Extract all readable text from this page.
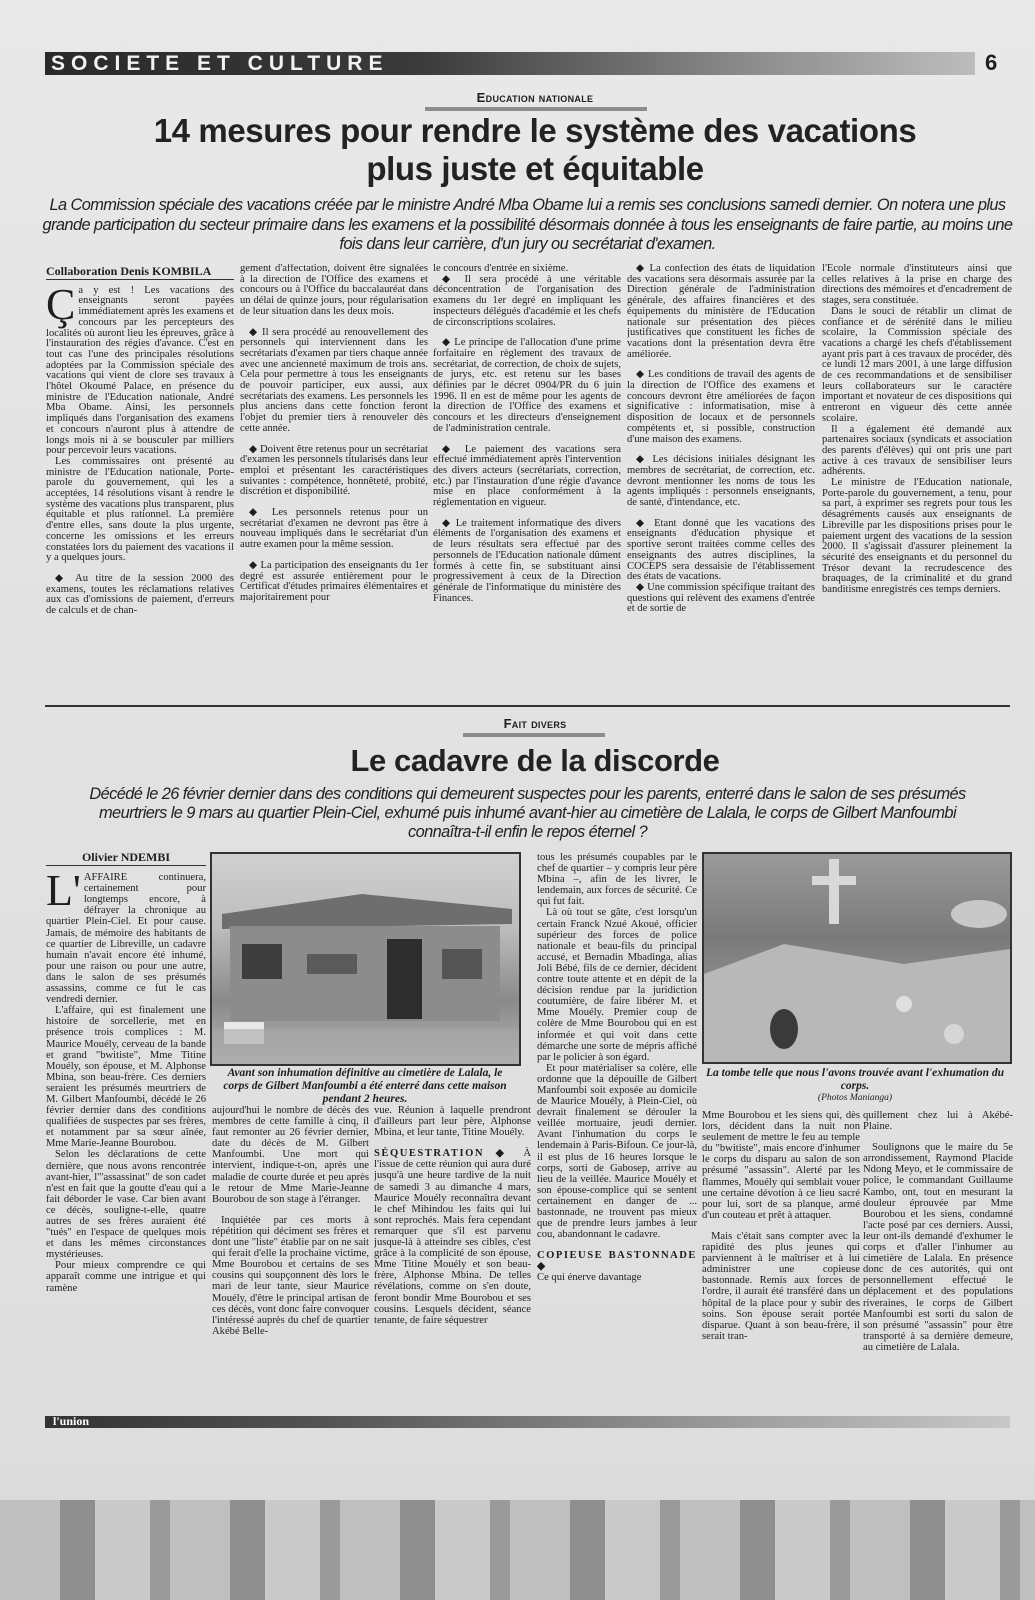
SOCIETE ET CULTURE	6
Education nationale
14 mesures pour rendre le système des vacations
plus juste et équitable
La Commission spéciale des vacations créée par le ministre André Mba Obame lui a remis ses conclusions samedi dernier. On notera une plus grande participation du secteur primaire dans les examens et la possibilité désormais donnée à tous les enseignants de faire partie, au moins une fois dans leur carrière, d'un jury ou secrétariat d'examen.
Collaboration Denis KOMBILA

Ça y est ! Les vacations des enseignants seront payées immédiatement après les examens et concours par les percepteurs des localités où auront lieu les épreuves, grâce à l'instauration des régies d'avance. C'est en tout cas l'une des principales résolutions adoptées par la Commission spéciale des vacations qui vient de clore ses travaux à l'hôtel Okoumé Palace, en présence du ministre de l'Education nationale, André Mba Obame. Ainsi, les personnels impliqués dans l'organisation des examens et concours n'auront plus à attendre de longs mois ni à se bousculer par milliers pour percevoir leurs vacations.

Les commissaires ont présenté au ministre de l'Education nationale, Porte-parole du gouvernement, qui les a acceptées, 14 résolutions visant à rendre le système des vacations plus transparent, plus équitable et plus rationnel. La première d'entre elles, sans doute la plus urgente, concerne les omissions et les erreurs constatées lors du paiement des vacations il y a quelques jours.

◆ Au titre de la session 2000 des examens, toutes les réclamations relatives aux cas d'omissions de paiement, d'erreurs de calculs et de chan-

gement d'affectation, doivent être signalées à la direction de l'Office des examens et concours ou à l'Office du baccalauréat dans un délai de quinze jours, pour régularisation de leur situation dans les deux mois.

◆ Il sera procédé au renouvellement des personnels qui interviennent dans les secrétariats d'examen par tiers chaque année avec une ancienneté maximum de trois ans. Cela pour permettre à tous les enseignants de pouvoir participer, eux aussi, aux secrétariats des examens. Les personnels les plus anciens dans cette fonction feront l'objet du premier tiers à renouveler dès cette année.

◆ Doivent être retenus pour un secrétariat d'examen les personnels titularisés dans leur emploi et présentant les caractéristiques suivantes : compétence, honnêteté, probité, discrétion et disponibilité.

◆ Les personnels retenus pour un secrétariat d'examen ne devront pas être à nouveau impliqués dans le secrétariat d'un autre examen pour la même session.

◆ La participation des enseignants du 1er degré est assurée entièrement pour le Certificat d'études primaires élémentaires et majoritairement pour

le concours d'entrée en sixième.

◆ Il sera procédé à une véritable déconcentration de l'organisation des examens du 1er degré en impliquant les inspecteurs délégués d'académie et les chefs de circonscriptions scolaires.

◆ Le principe de l'allocation d'une prime forfaitaire en règlement des travaux de secrétariat, de correction, de choix de sujets, de jurys, etc. est retenu sur les bases définies par le décret 0904/PR du 6 juin 1996. Il en est de même pour les agents de la direction de l'Office des examens et concours et les directeurs d'enseignement de l'administration centrale.

◆ Le paiement des vacations sera effectué immédiatement après l'intervention des divers acteurs (secrétariats, correction, etc.) par l'instauration d'une régie d'avance mise en place conformément à la réglementation en vigueur.

◆ Le traitement informatique des divers éléments de l'organisation des examens et de leurs résultats sera effectué par des personnels de l'Education nationale dûment formés à cette fin, se substituant ainsi progressivement à ceux de la Direction générale de l'informatique du ministère des Finances.

◆ La confection des états de liquidation des vacations sera désormais assurée par la Direction générale de l'administration générale, des affaires financières et des équipements du ministère de l'Education nationale sur présentation des pièces justificatives que constituent les fiches de vacations dont la présentation devra être améliorée.

◆ Les conditions de travail des agents de la direction de l'Office des examens et concours devront être améliorées de façon significative : informatisation, mise à disposition de locaux et de personnels compétents et, si possible, construction d'une maison des examens.

◆ Les décisions initiales désignant les membres de secrétariat, de correction, etc. devront mentionner les noms de tous les agents impliqués : personnels enseignants, de santé, d'intendance, etc.

◆ Etant donné que les vacations des enseignants d'éducation physique et sportive seront traitées comme celles des enseignants des autres disciplines, la COCEPS sera dessaisie de l'établissement des états de vacations.

◆ Une commission spécifique traitant des questions qui relèvent des examens d'entrée et de sortie de

l'Ecole normale d'instituteurs ainsi que celles relatives à la prise en charge des directions des mémoires et d'encadrement de stages, sera constituée.

Dans le souci de rétablir un climat de confiance et de sérénité dans le milieu scolaire, la Commission spéciale des vacations a chargé les chefs d'établissement ayant pris part à ces travaux de procéder, dès ce lundi 12 mars 2001, à une large diffusion de ces recommandations et de sensibiliser leurs collaborateurs sur le caractère important et novateur de ces dispositions qui entreront en vigueur dès cette année scolaire.

Il a également été demandé aux partenaires sociaux (syndicats et association des parents d'élèves) qui ont pris une part active à ces travaux de sensibiliser leurs adhérents.

Le ministre de l'Education nationale, Porte-parole du gouvernement, a tenu, pour sa part, à exprimer ses regrets pour tous les désagréments causés aux enseignants de Libreville par les dispositions prises pour le paiement urgent des vacations de la session 2000. Il s'agissait d'assurer pleinement la sécurité des enseignants et du personnel du Trésor devant la recrudescence des braquages, de la criminalité et du grand banditisme enregistrés ces temps derniers.

Fait divers
Le cadavre de la discorde
Décédé le 26 février dernier dans des conditions qui demeurent suspectes pour les parents, enterré dans le salon de ses présumés meurtriers le 9 mars au quartier Plein-Ciel, exhumé puis inhumé avant-hier au cimetière de Lalala, le corps de Gilbert Manfoumbi connaîtra-t-il enfin le repos éternel ?
Olivier NDEMBI

L'AFFAIRE continuera, certainement pour longtemps encore, à défrayer la chronique au quartier Plein-Ciel. Et pour cause. Jamais, de mémoire des habitants de ce quartier de Libreville, un cadavre humain n'avait encore été inhumé, pour une raison ou pour une autre, dans le salon de ses présumés assassins, comme ce fut le cas vendredi dernier.

L'affaire, qui est finalement une histoire de sorcellerie, met en présence trois complices : M. Maurice Mouély, cerveau de la bande et grand "bwitiste", Mme Titine Mouély, son épouse, et M. Alphonse Mbina, son beau-frère. Ces derniers seraient les présumés meurtriers de M. Gilbert Manfoumbi, décédé le 26 février dernier dans des conditions qualifiées de suspectes par ses frères, et notamment par sa sœur aînée, Mme Marie-Jeanne Bourobou.

Selon les déclarations de cette dernière, que nous avons rencontrée avant-hier, l'"assassinat" de son cadet n'est en fait que la goutte d'eau qui a fait déborder le vase. Car bien avant ce décès, souligne-t-elle, quatre autres de ses frères auraient été "tués" en l'espace de quelques mois et dans les mêmes circonstances mystérieuses.

Pour mieux comprendre ce qui apparaît comme une intrigue et qui ramène

Avant son inhumation définitive au cimetière de Lalala, le corps de Gilbert Manfoumbi a été enterré dans cette maison pendant 2 heures.

aujourd'hui le nombre de décès des membres de cette famille à cinq, il faut remonter au 26 février dernier, date du décès de M. Gilbert Manfoumbi. Une mort qui intervient, indique-t-on, après une maladie de courte durée et peu après le retour de Mme Marie-Jeanne Bourobou de son stage à l'étranger.

Inquiétée par ces morts à répétition qui déciment ses frères et dont une "liste" établie par on ne sait qui ferait d'elle la prochaine victime, Mme Bourobou et certains de ses cousins qui soupçonnent dès lors le mari de leur tante, sieur Maurice Mouély, d'être le principal artisan de ces décès, vont donc faire convoquer l'intéressé auprès du chef de quartier Akébé Belle-

vue. Réunion à laquelle prendront d'ailleurs part leur père, Alphonse Mbina, et leur tante, Titine Mouély.

SÉQUESTRATION ◆ À l'issue de cette réunion qui aura duré jusqu'à une heure tardive de la nuit de samedi 3 au dimanche 4 mars, Maurice Mouély reconnaîtra devant le chef Mihindou les faits qui lui sont reprochés. Mais fera cependant remarquer que s'il est parvenu jusque-là à atteindre ses cibles, c'est grâce à la complicité de son épouse, Mme Titine Mouély et son beau-frère, Alphonse Mbina. De telles révélations, comme on s'en doute, feront bondir Mme Bourobou et ses cousins. Lesquels décident, séance tenante, de faire séquestrer

tous les présumés coupables par le chef de quartier – y compris leur père Mbina –, afin de les livrer, le lendemain, aux forces de sécurité. Ce qui fut fait.

Là où tout se gâte, c'est lorsqu'un certain Franck Nzué Akoué, officier supérieur des forces de police nationale et beau-fils du principal accusé, et Bernadin Mbadinga, alias Joli Bébé, fils de ce dernier, décident contre toute attente et en dépit de la décision rendue par la juridiction coutumière, de faire libérer M. et Mme Mouély. Premier coup de colère de Mme Bourobou qui en est informée et qui voit dans cette démarche une sorte de mépris affiché par le policier à son égard.

Et pour matérialiser sa colère, elle ordonne que la dépouille de Gilbert Manfoumbi soit exposée au domicile de Maurice Mouély, à Plein-Ciel, où devrait finalement se dérouler la veillée mortuaire, jeudi dernier. Avant l'inhumation du corps le lendemain à Paris-Bifoun. Ce jour-là, il est plus de 16 heures lorsque le corps, sorti de Gabosep, arrive au lieu de la veillée. Maurice Mouély et son épouse-complice qui se sentent certainement en danger de ... bastonnade, ne trouvent pas mieux que de prendre leurs jambes à leur cou, abandonnant le cadavre.

COPIEUSE BASTONNADE ◆
Ce qui énerve davantage

La tombe telle que nous l'avons trouvée avant l'exhumation du corps.
(Photos Manianga)

Mme Bourobou et les siens qui, dès lors, décident dans la nuit non seulement de mettre le feu au temple du "bwitiste", mais encore d'inhumer le corps du disparu au salon de son présumé "assassin". Alerté par les flammes, Mouély qui semblait vouer une certaine dévotion à ce lieu sacré pour lui, sort de sa planque, armé d'un couteau et prêt à attaquer.

Mais c'était sans compter avec la rapidité des plus jeunes qui parviennent à le maîtriser et à lui administrer une copieuse bastonnade. Remis aux forces de l'ordre, il aurait été transféré dans un hôpital de la place pour y subir des soins. Son épouse serait portée disparue. Quant à son beau-frère, il serait tran-

quillement chez lui à Akébé-Plaine.

Soulignons que le maire du 5e arrondissement, Raymond Placide Ndong Meyo, et le commissaire de police, le commandant Guillaume Kambo, ont, tout en mesurant la douleur éprouvée par Mme Bourobou et les siens, condamné l'acte posé par ces derniers. Aussi, leur ont-ils demandé d'exhumer le corps et d'aller l'inhumer au cimetière de Lalala. En présence donc de ces autorités, qui ont personnellement effectué le déplacement et des populations riveraines, le corps de Gilbert Manfoumbi est sorti du salon de son présumé "assassin" pour être transporté à sa dernière demeure, au cimetière de Lalala.

l'union
